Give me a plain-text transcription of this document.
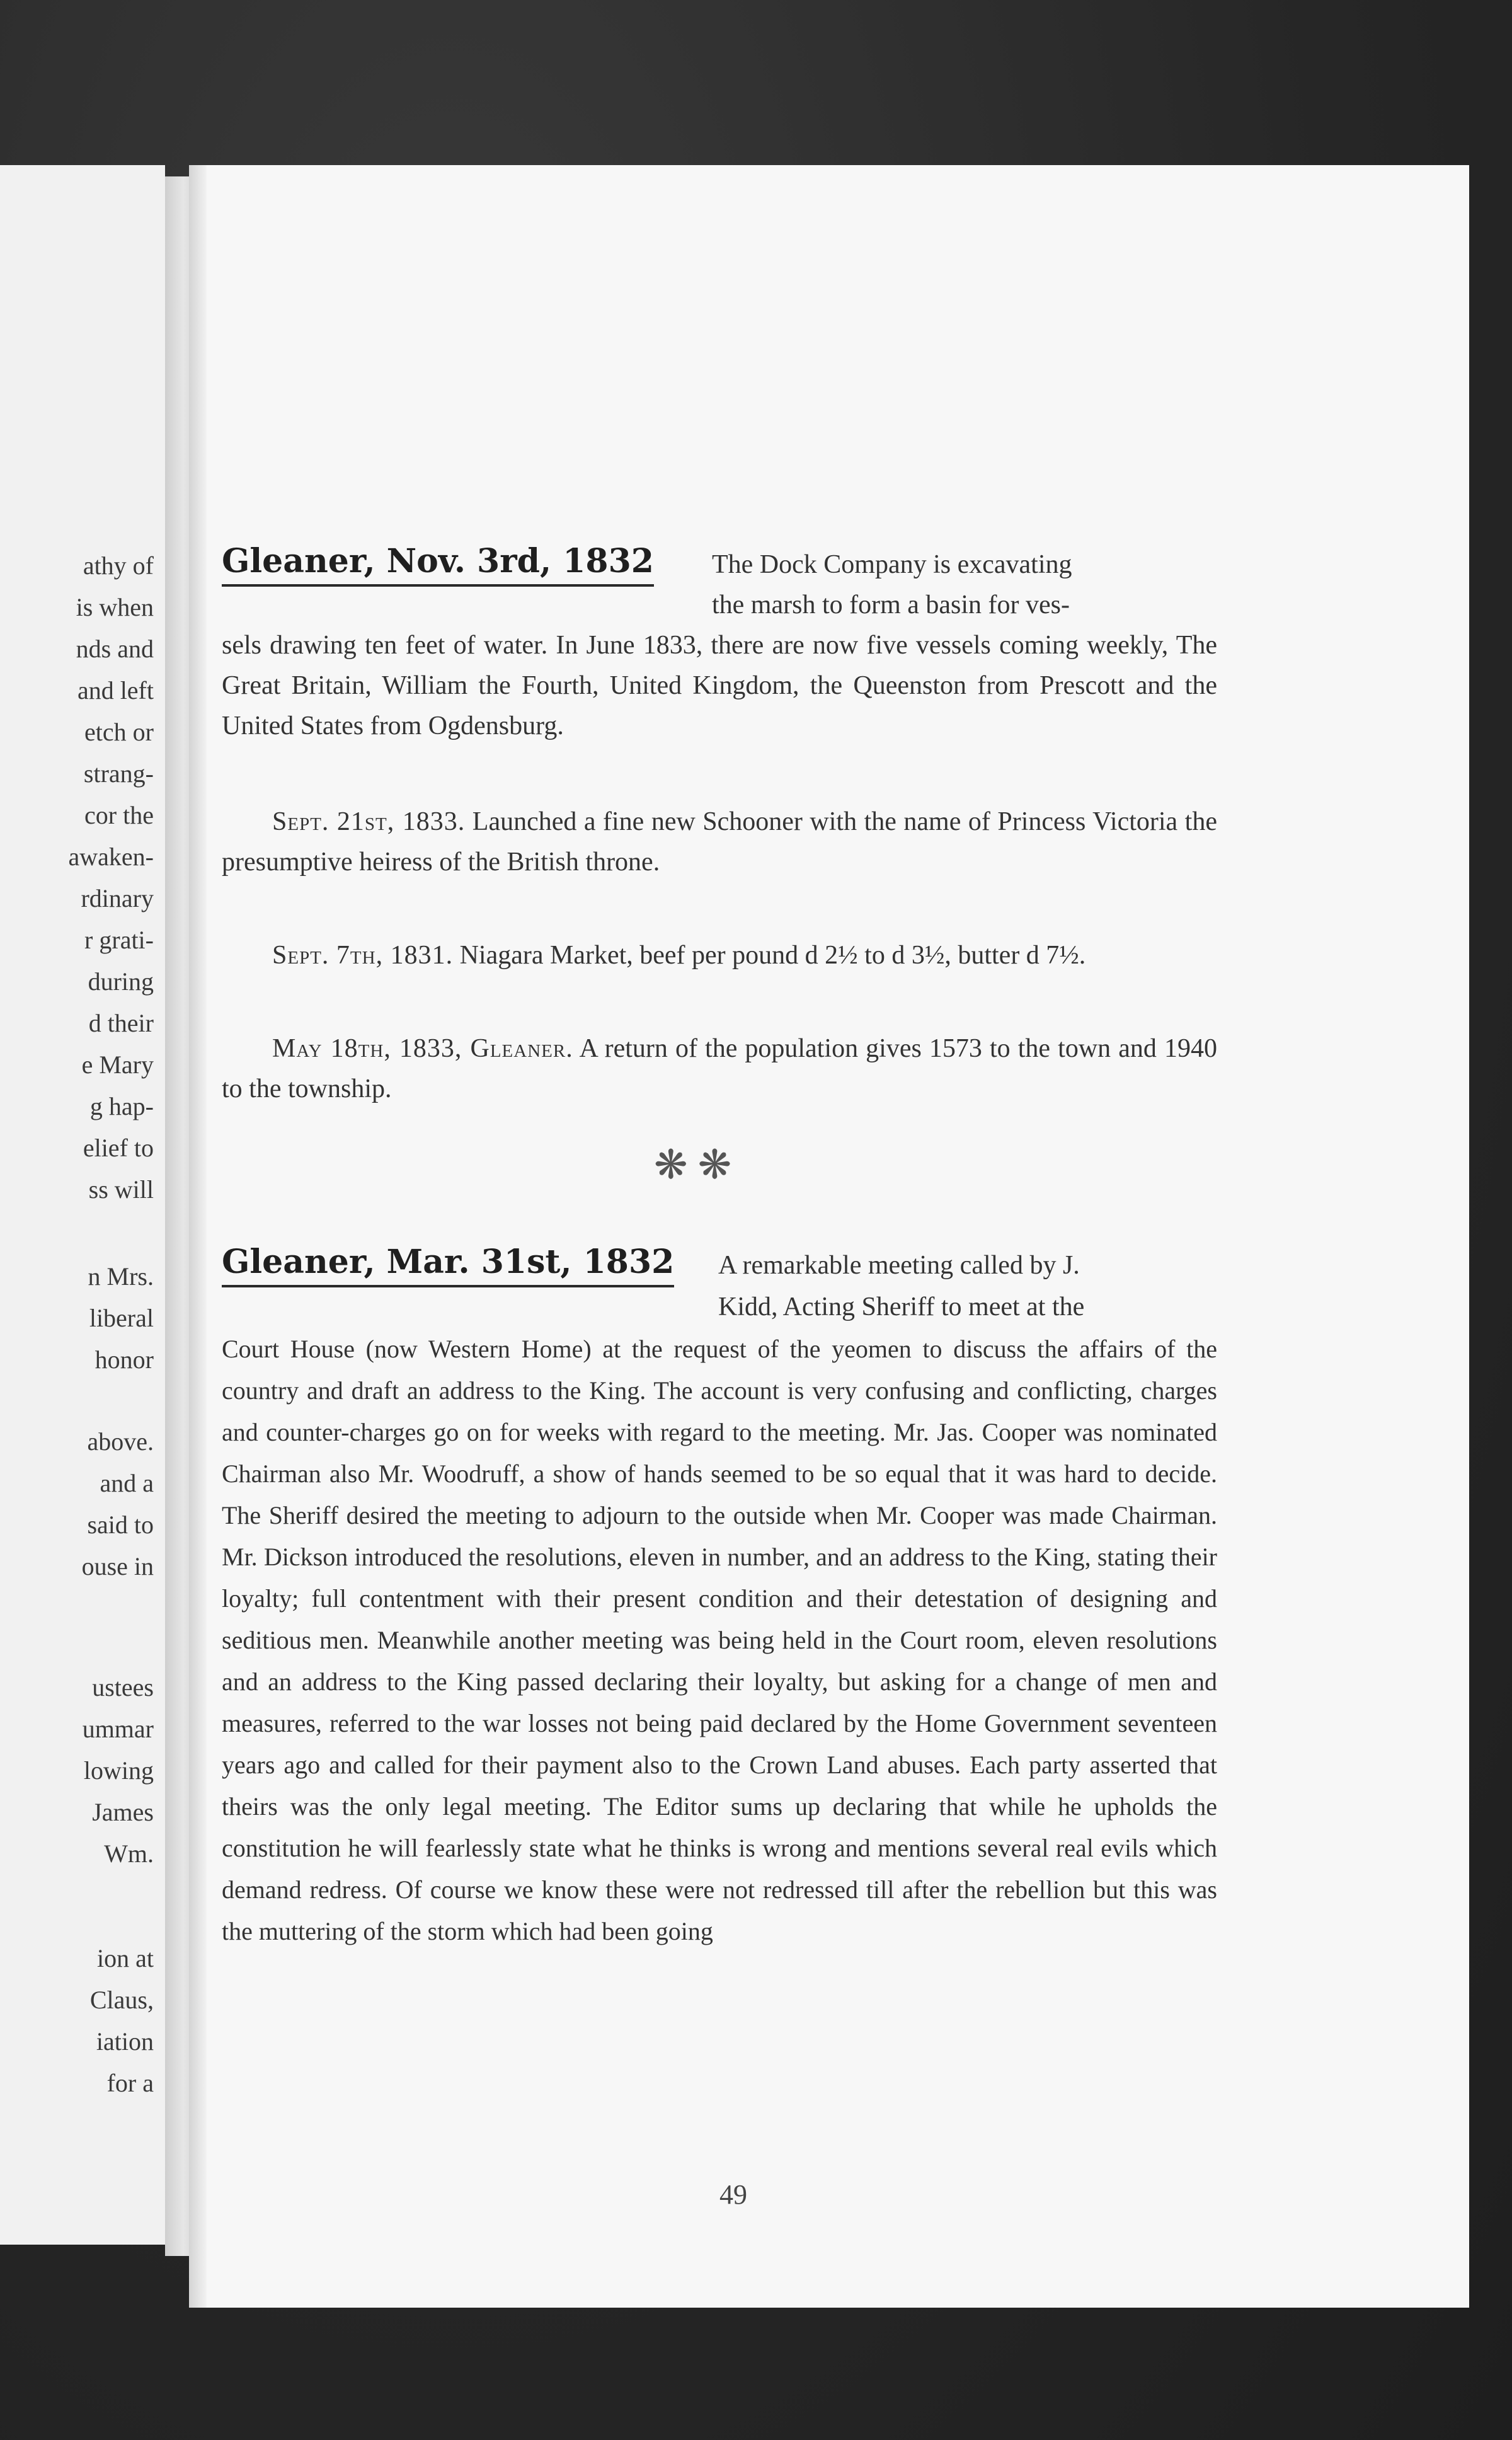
athy of
is when
nds and
and left
etch or
strang-
cor the
awaken-
rdinary
r grati-
during
d their
e Mary
g hap-
elief to
ss will
n Mrs.
liberal
honor
above.
and a
said to
ouse in
ustees
ummar
lowing
James
Wm.
ion at
Claus,
iation
for a
Gleaner, Nov. 3rd, 1832 The Dock Company is excavating
the marsh to form a basin for ves-
sels drawing ten feet of water. In June 1833, there are now five vessels coming weekly, The Great Britain, William the Fourth, United Kingdom, the Queenston from Prescott and the United States from Ogdensburg.
Sept. 21st, 1833. Launched a fine new Schooner with the name of Princess Victoria the presumptive heiress of the British throne.
Sept. 7th, 1831. Niagara Market, beef per pound d 2½ to d 3½, butter d 7½.
May 18th, 1833, Gleaner. A return of the population gives 1573 to the town and 1940 to the township.
❋ ❋
Gleaner, Mar. 31st, 1832 A remarkable meeting called by J.
Kidd, Acting Sheriff to meet at the
Court House (now Western Home) at the request of the yeomen to discuss the affairs of the country and draft an address to the King. The account is very confusing and conflicting, charges and counter-charges go on for weeks with regard to the meeting. Mr. Jas. Cooper was nominated Chairman also Mr. Woodruff, a show of hands seemed to be so equal that it was hard to decide. The Sheriff desired the meeting to adjourn to the outside when Mr. Cooper was made Chairman. Mr. Dickson introduced the resolutions, eleven in number, and an address to the King, stating their loyalty; full contentment with their present condition and their detestation of designing and seditious men. Meanwhile another meeting was being held in the Court room, eleven resolutions and an address to the King passed declaring their loyalty, but asking for a change of men and measures, referred to the war losses not being paid declared by the Home Government seventeen years ago and called for their payment also to the Crown Land abuses. Each party asserted that theirs was the only legal meeting. The Editor sums up declaring that while he upholds the constitution he will fearlessly state what he thinks is wrong and mentions several real evils which demand redress. Of course we know these were not redressed till after the rebellion but this was the muttering of the storm which had been going
49
